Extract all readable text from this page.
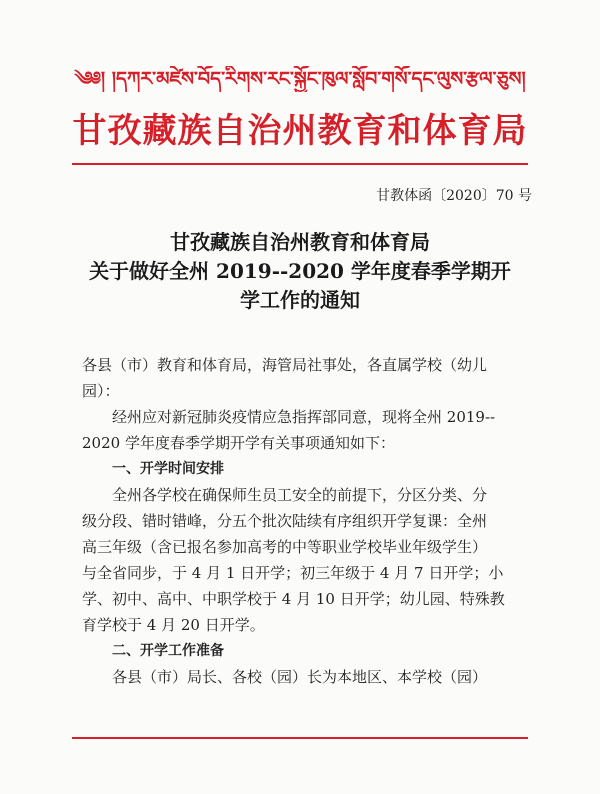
༄༅། །དཀར་མཛེས་བོད་རིགས་རང་སྐྱོང་ཁུལ་སློབ་གསོ་དང་ལུས་རྩལ་ཅུས།
甘孜藏族自治州教育和体育局
甘教体函〔2020〕70 号
甘孜藏族自治州教育和体育局
关于做好全州 2019--2020 学年度春季学期开
学工作的通知

各县（市）教育和体育局，海管局社事处，各直属学校（幼儿

园）：

经州应对新冠肺炎疫情应急指挥部同意，现将全州 2019--

2020 学年度春季学期开学有关事项通知如下：

一、开学时间安排

全州各学校在确保师生员工安全的前提下，分区分类、分

级分段、错时错峰，分五个批次陆续有序组织开学复课：全州

高三年级（含已报名参加高考的中等职业学校毕业年级学生）

与全省同步，于 4 月 1 日开学；初三年级于 4 月 7 日开学；小

学、初中、高中、中职学校于 4 月 10 日开学；幼儿园、特殊教

育学校于 4 月 20 日开学。

二、开学工作准备

各县（市）局长、各校（园）长为本地区、本学校（园）
